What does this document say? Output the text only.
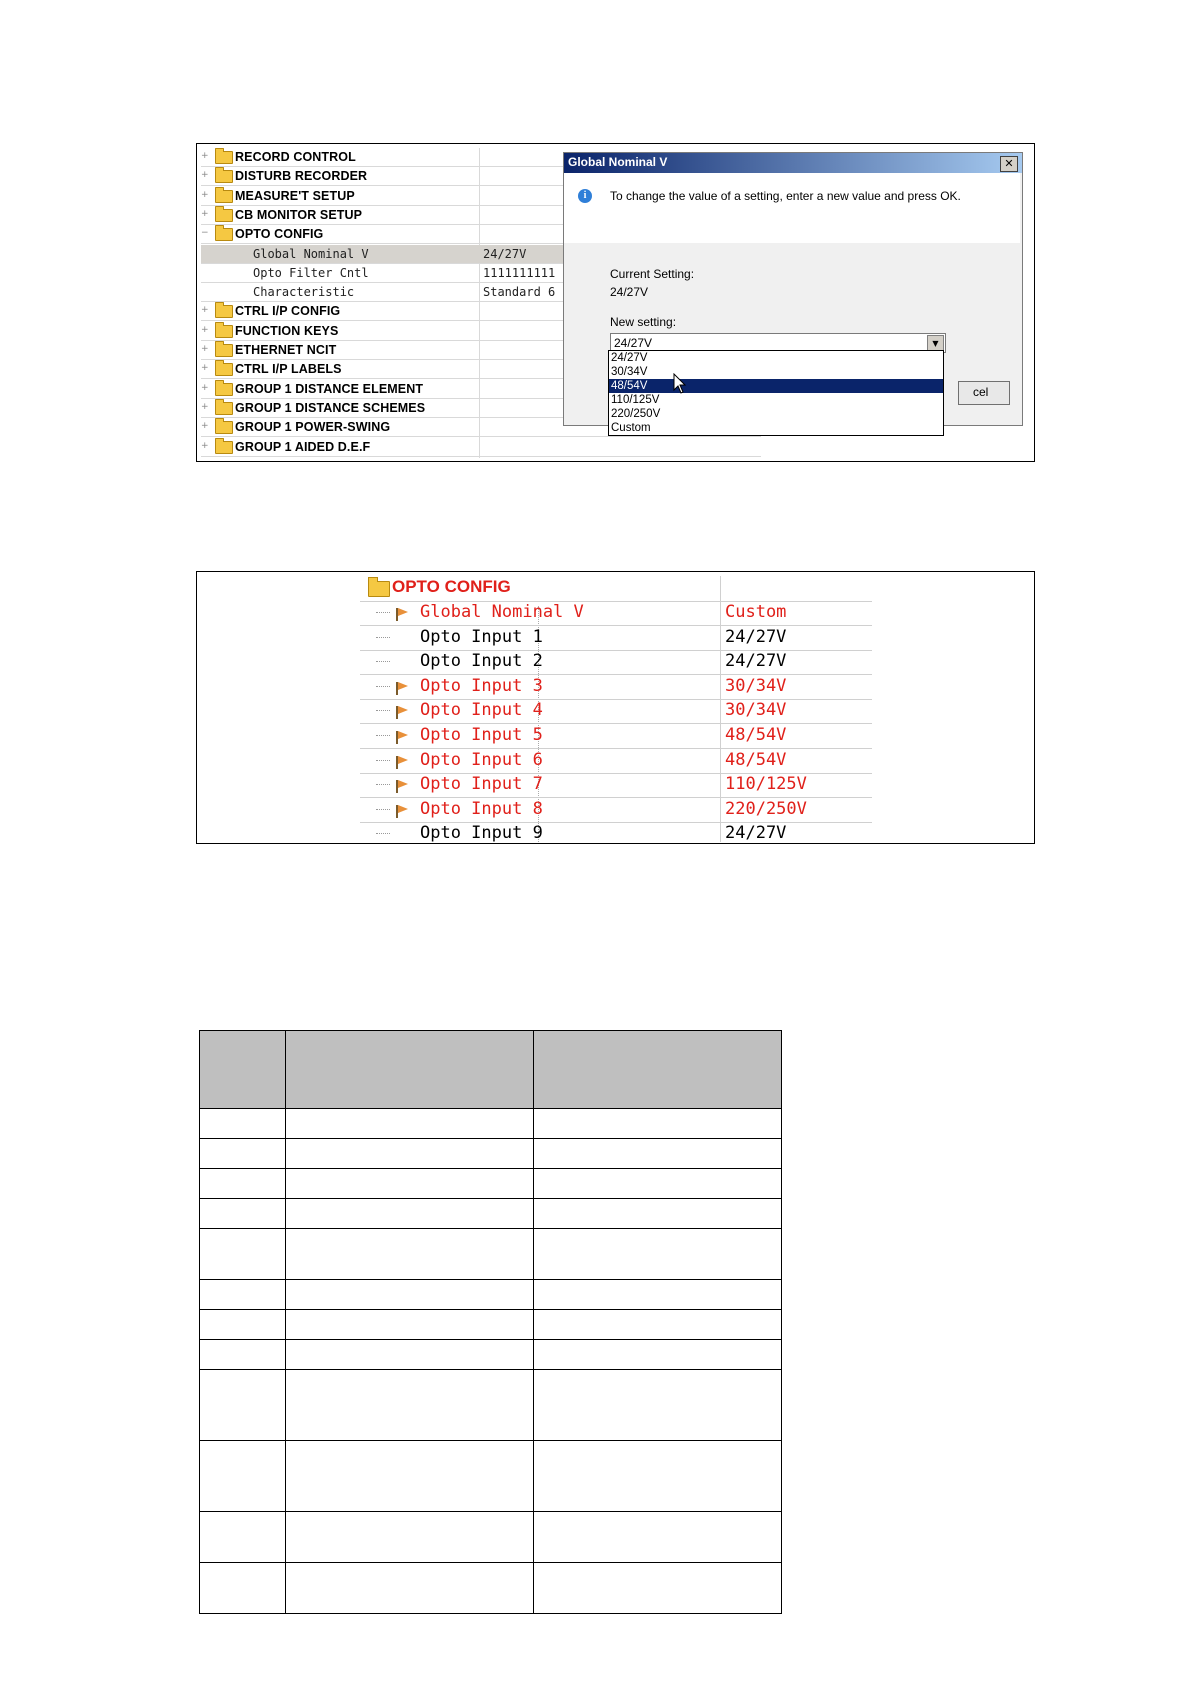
+ RECORD CONTROL
+ DISTURB RECORDER
+ MEASURE'T SETUP
+ CB MONITOR SETUP
− OPTO CONFIG
Global Nominal V	24/27V
Opto Filter Cntl	1111111111
Characteristic	Standard 6
+ CTRL I/P CONFIG
+ FUNCTION KEYS
+ ETHERNET NCIT
+ CTRL I/P LABELS
+ GROUP 1 DISTANCE ELEMENT
+ GROUP 1 DISTANCE SCHEMES
+ GROUP 1 POWER-SWING
+ GROUP 1 AIDED D.E.F
Global Nominal V	✕
i	To change the value of a setting, enter a new value and press OK.
Current Setting:
24/27V
New setting:
24/27V	▼
cel
24/27V
30/34V
48/54V
110/125V
220/250V
Custom
OPTO CONFIG
Global Nominal V	Custom
Opto Input 1	24/27V
Opto Input 2	24/27V
Opto Input 3	30/34V
Opto Input 4	30/34V
Opto Input 5	48/54V
Opto Input 6	48/54V
Opto Input 7	110/125V
Opto Input 8	220/250V
Opto Input 9	24/27V
